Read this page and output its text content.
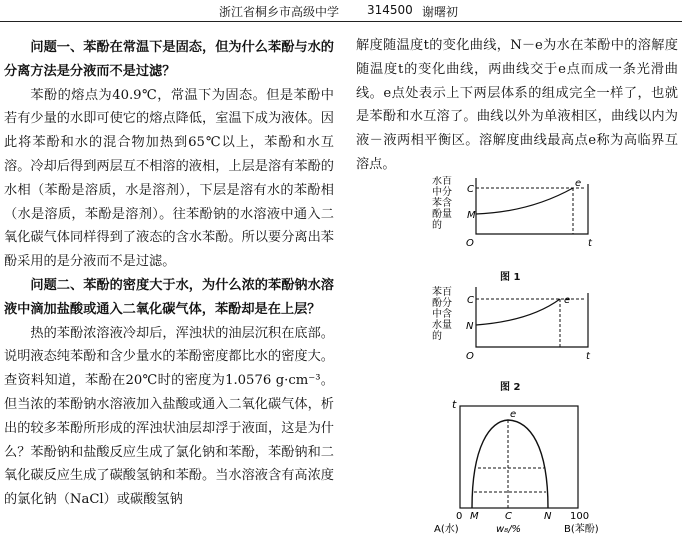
浙江省桐乡市高级中学 314500 谢曙初

问题一、苯酚在常温下是固态，但为什么苯酚与水的分离方法是分液而不是过滤？

苯酚的熔点为40.9℃，常温下为固态。但是苯酚中若有少量的水即可使它的熔点降低，室温下成为液体。因此将苯酚和水的混合物加热到65℃以上，苯酚和水互溶。冷却后得到两层互不相溶的液相，上层是溶有苯酚的水相（苯酚是溶质，水是溶剂），下层是溶有水的苯酚相（水是溶质，苯酚是溶剂）。往苯酚钠的水溶液中通入二氧化碳气体同样得到了液态的含水苯酚。所以要分离出苯酚采用的是分液而不是过滤。

问题二、苯酚的密度大于水，为什么浓的苯酚钠水溶液中滴加盐酸或通入二氧化碳气体，苯酚却是在上层？

热的苯酚浓溶液冷却后，浑浊状的油层沉积在底部。说明液态纯苯酚和含少量水的苯酚密度都比水的密度大。查资料知道，苯酚在20℃时的密度为1.0576 g·cm⁻³。但当浓的苯酚钠水溶液加入盐酸或通入二氧化碳气体，析出的较多苯酚所形成的浑浊状油层却浮于液面，这是为什么？苯酚钠和盐酸反应生成了氯化钠和苯酚，苯酚钠和二氧化碳反应生成了碳酸氢钠和苯酚。当水溶液含有高浓度的氯化钠（NaCl）或碳酸氢钠

解度随温度t的变化曲线，N－e为水在苯酚中的溶解度随温度t的变化曲线，两曲线交于e点而成一条光滑曲线。e点处表示上下两层体系的组成完全一样了，也就是苯酚和水互溶了。曲线以外为单液相区，曲线以内为液－液两相平衡区。溶解度曲线最高点e称为高临界互溶点。

水百
中分
苯含
酚量
的
C
M
e
O	t
图 1
苯百
酚分
中含
水量
的
C
N
e
O	t
图 2
t
e
0 M	C	N 100
A(水)	w₈/%	B(苯酚)
